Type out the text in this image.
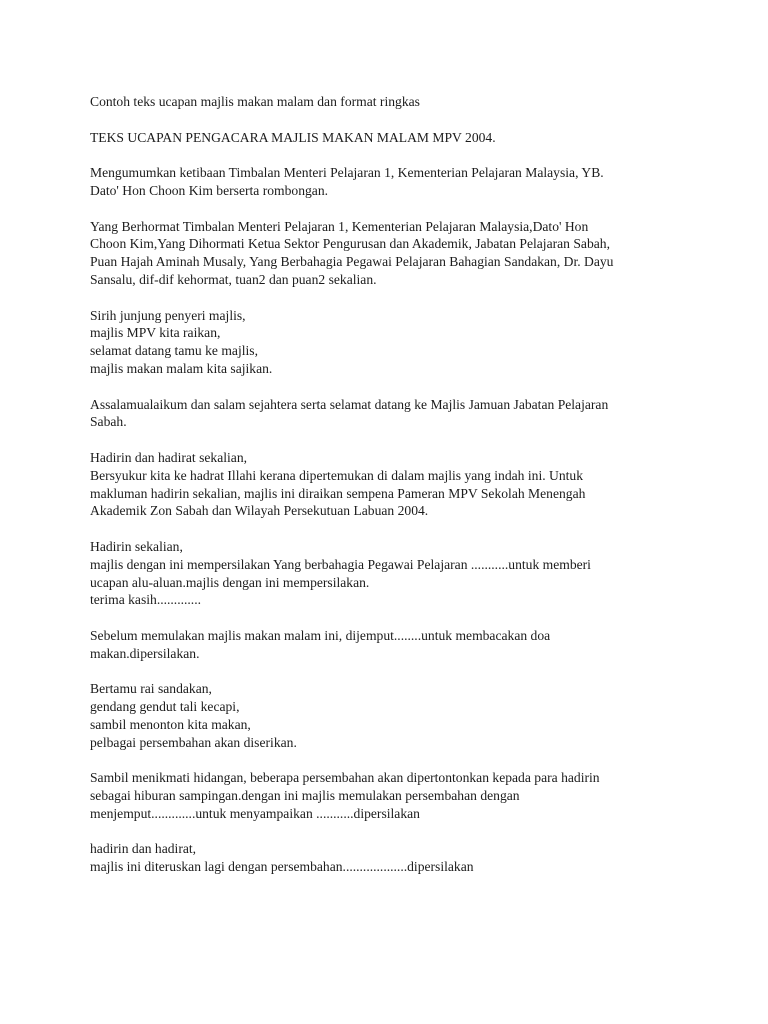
Contoh teks ucapan majlis makan malam dan format ringkas

TEKS UCAPAN PENGACARA MAJLIS MAKAN MALAM MPV 2004.

Mengumumkan ketibaan Timbalan Menteri Pelajaran 1, Kementerian Pelajaran Malaysia, YB.
Dato' Hon Choon Kim berserta rombongan.

Yang Berhormat Timbalan Menteri Pelajaran 1, Kementerian Pelajaran Malaysia,Dato' Hon
Choon Kim,Yang Dihormati Ketua Sektor Pengurusan dan Akademik, Jabatan Pelajaran Sabah,
Puan Hajah Aminah Musaly, Yang Berbahagia Pegawai Pelajaran Bahagian Sandakan, Dr. Dayu
Sansalu, dif-dif kehormat, tuan2 dan puan2 sekalian.

Sirih junjung penyeri majlis,
majlis MPV kita raikan,
selamat datang tamu ke majlis,
majlis makan malam kita sajikan.

Assalamualaikum dan salam sejahtera serta selamat datang ke Majlis Jamuan Jabatan Pelajaran
Sabah.

Hadirin dan hadirat sekalian,
Bersyukur kita ke hadrat Illahi kerana dipertemukan di dalam majlis yang indah ini. Untuk
makluman hadirin sekalian, majlis ini diraikan sempena Pameran MPV Sekolah Menengah
Akademik Zon Sabah dan Wilayah Persekutuan Labuan 2004.

Hadirin sekalian,
majlis dengan ini mempersilakan Yang berbahagia Pegawai Pelajaran ...........untuk memberi
ucapan alu-aluan.majlis dengan ini mempersilakan.
terima kasih.............

Sebelum memulakan majlis makan malam ini, dijemput........untuk membacakan doa
makan.dipersilakan.

Bertamu rai sandakan,
gendang gendut tali kecapi,
sambil menonton kita makan,
pelbagai persembahan akan diserikan.

Sambil menikmati hidangan, beberapa persembahan akan dipertontonkan kepada para hadirin
sebagai hiburan sampingan.dengan ini majlis memulakan persembahan dengan
menjemput.............untuk menyampaikan ...........dipersilakan

hadirin dan hadirat,
majlis ini diteruskan lagi dengan persembahan...................dipersilakan
